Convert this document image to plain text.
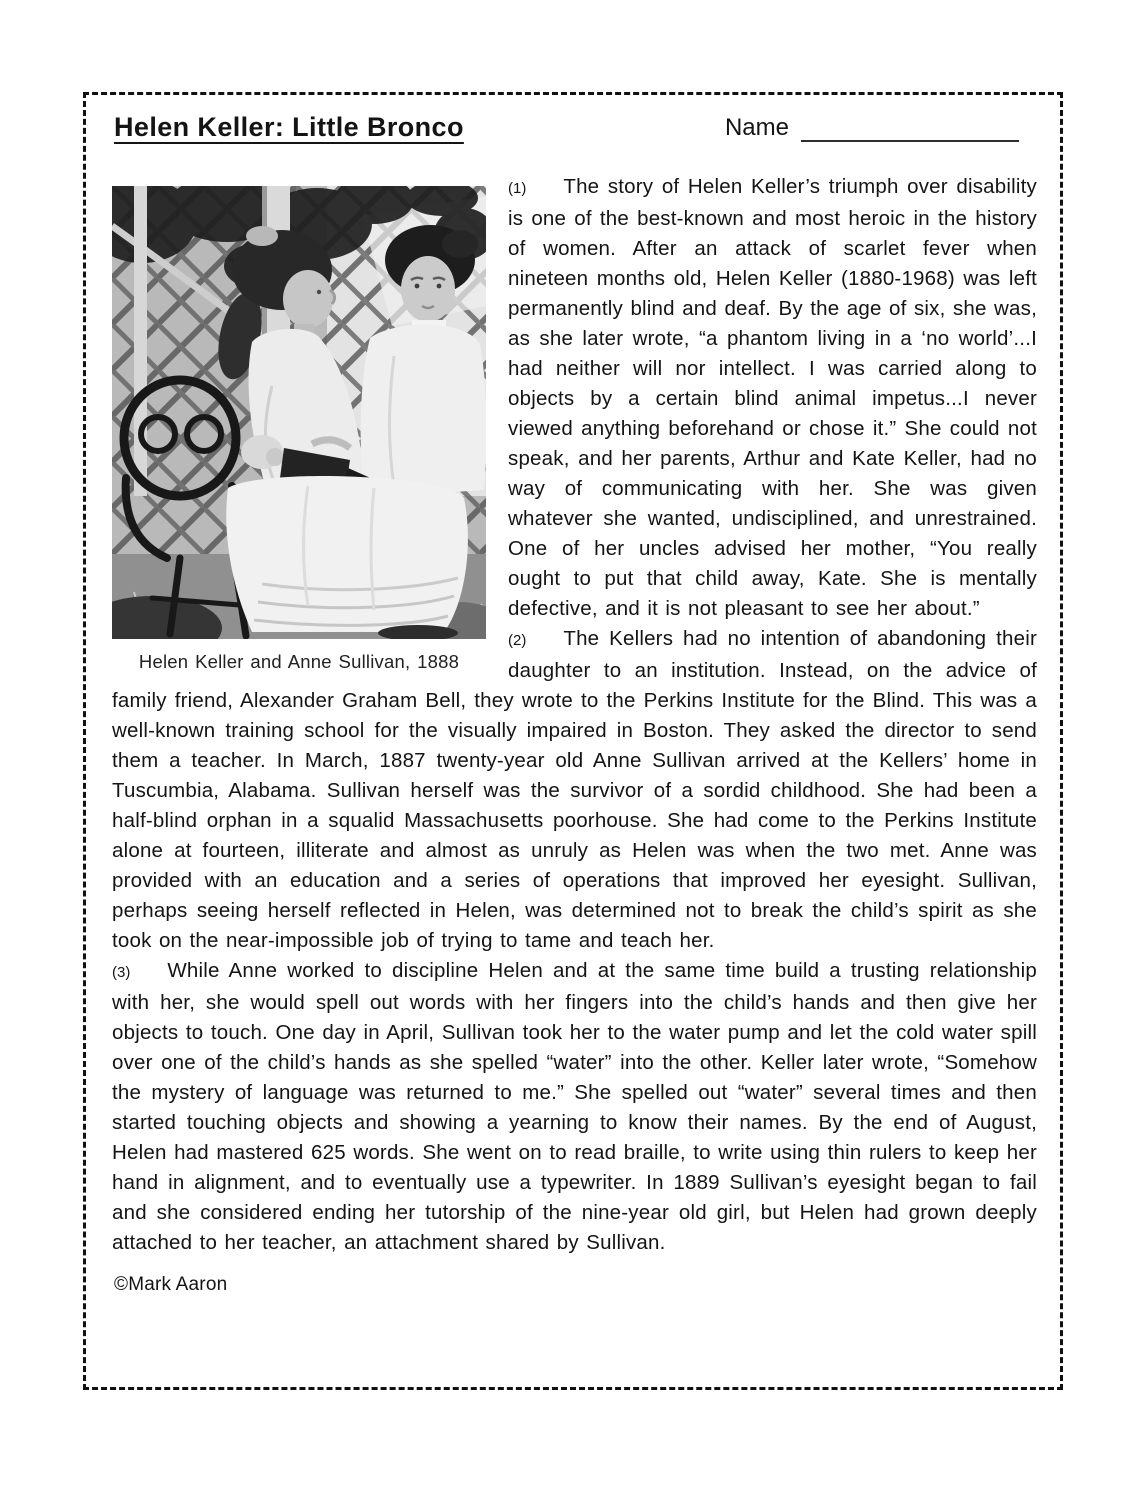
Helen Keller: Little Bronco	Name
Helen Keller and Anne Sullivan, 1888

(1) The story of Helen Keller’s triumph over disability is one of the best-known and most heroic in the history of women. After an attack of scarlet fever when nineteen months old, Helen Keller (1880-1968) was left permanently blind and deaf. By the age of six, she was, as she later wrote, “a phantom living in a ‘no world’...I had neither will nor intellect. I was carried along to objects by a certain blind animal impetus...I never viewed anything beforehand or chose it.” She could not speak, and her parents, Arthur and Kate Keller, had no way of communicating with her. She was given whatever she wanted, undisciplined, and unrestrained. One of her uncles advised her mother, “You really ought to put that child away, Kate. She is mentally defective, and it is not pleasant to see her about.”

(2) The Kellers had no intention of abandoning their daughter to an institution. Instead, on the advice of family friend, Alexander Graham Bell, they wrote to the Perkins Institute for the Blind. This was a well-known training school for the visually impaired in Boston. They asked the director to send them a teacher. In March, 1887 twenty-year old Anne Sullivan arrived at the Kellers’ home in Tuscumbia, Alabama. Sullivan herself was the survivor of a sordid childhood. She had been a half-blind orphan in a squalid Massachusetts poorhouse. She had come to the Perkins Institute alone at fourteen, illiterate and almost as unruly as Helen was when the two met. Anne was provided with an education and a series of operations that improved her eyesight. Sullivan, perhaps seeing herself reflected in Helen, was determined not to break the child’s spirit as she took on the near-impossible job of trying to tame and teach her.

(3) While Anne worked to discipline Helen and at the same time build a trusting relationship with her, she would spell out words with her fingers into the child’s hands and then give her objects to touch. One day in April, Sullivan took her to the water pump and let the cold water spill over one of the child’s hands as she spelled “water” into the other. Keller later wrote, “Somehow the mystery of language was returned to me.” She spelled out “water” several times and then started touching objects and showing a yearning to know their names. By the end of August, Helen had mastered 625 words. She went on to read braille, to write using thin rulers to keep her hand in alignment, and to eventually use a typewriter. In 1889 Sullivan’s eyesight began to fail and she considered ending her tutorship of the nine-year old girl, but Helen had grown deeply attached to her teacher, an attachment shared by Sullivan.

©Mark Aaron
